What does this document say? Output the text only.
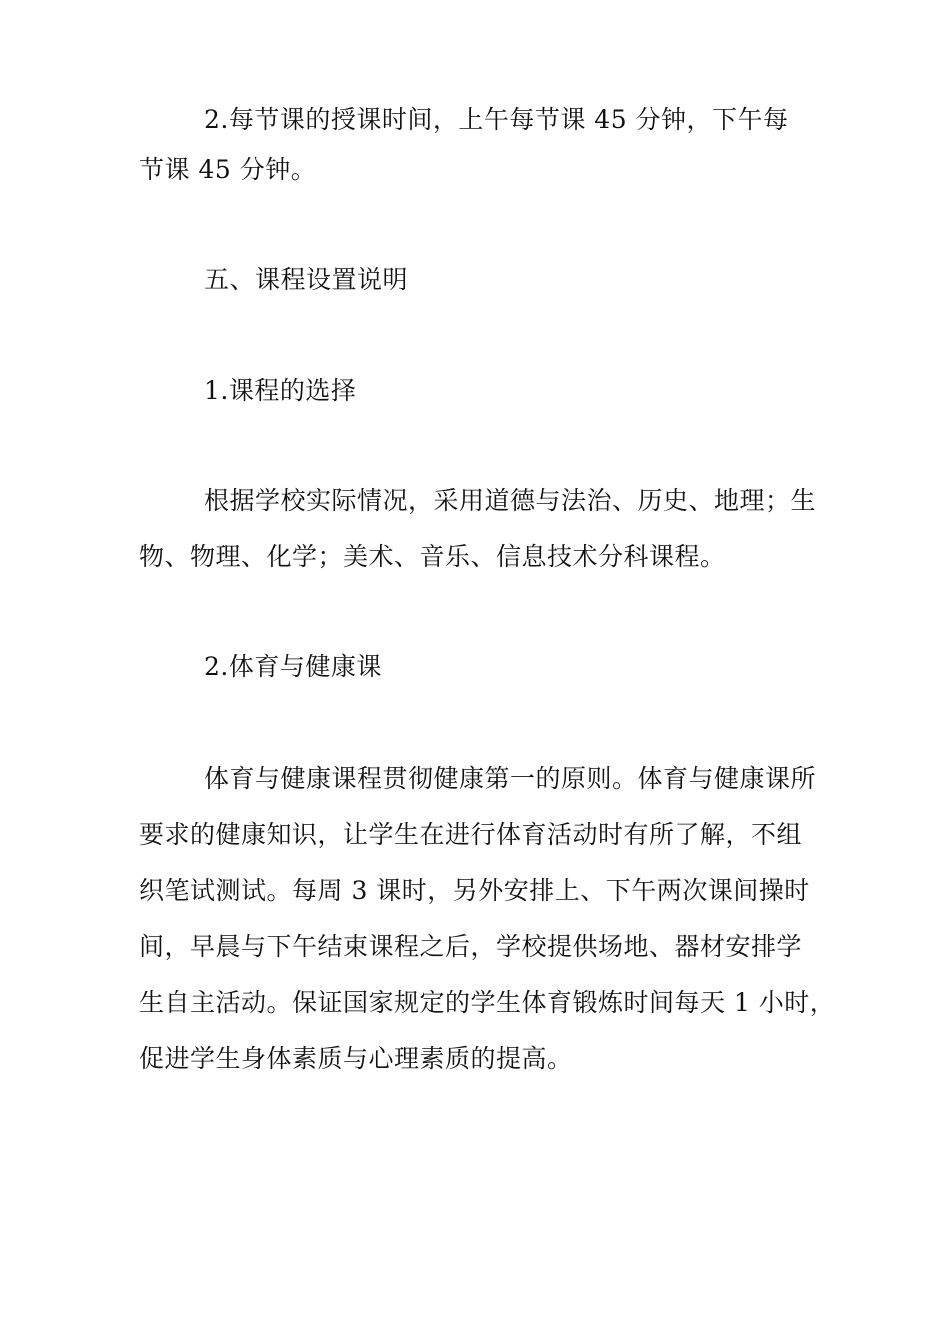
2.每节课的授课时间，上午每节课 45 分钟，下午每
节课 45 分钟。
五、课程设置说明
1.课程的选择
根据学校实际情况，采用道德与法治、历史、地理；生
物、物理、化学；美术、音乐、信息技术分科课程。
2.体育与健康课
体育与健康课程贯彻健康第一的原则。体育与健康课所
要求的健康知识，让学生在进行体育活动时有所了解，不组
织笔试测试。每周 3 课时，另外安排上、下午两次课间操时
间，早晨与下午结束课程之后，学校提供场地、器材安排学
生自主活动。保证国家规定的学生体育锻炼时间每天 1 小时，
促进学生身体素质与心理素质的提高。
